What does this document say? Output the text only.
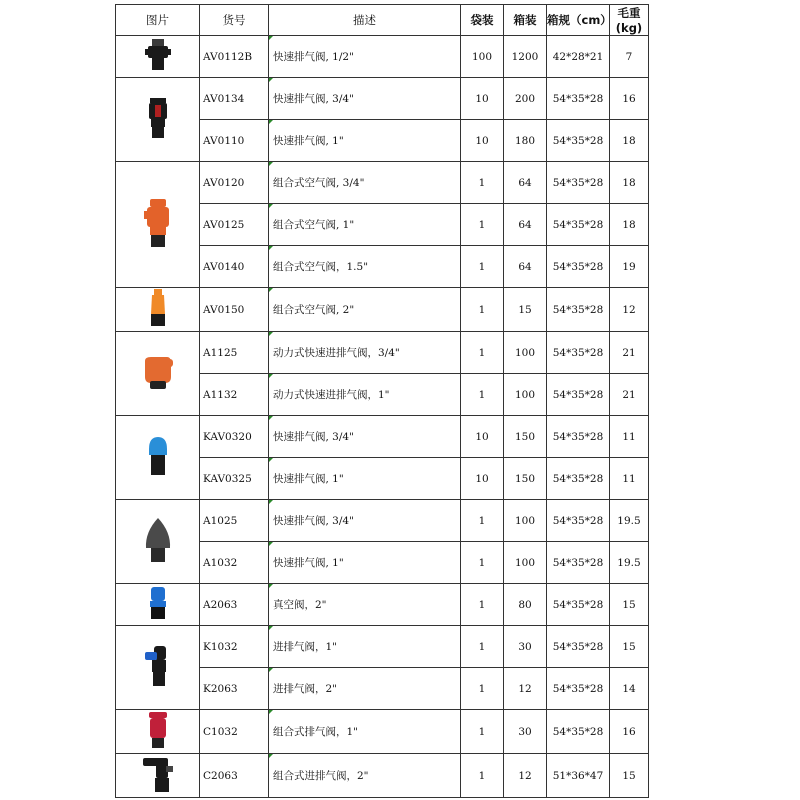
图片	货号	描述	袋装	箱装	箱规（cm）	毛重(kg)

	AV0112B	快速排气阀, 1/2"	100	1200	42*28*21	7

	AV0134	快速排气阀, 3/4"	10	200	54*35*28	16
	AV0110	快速排气阀, 1"	10	180	54*35*28	18

	AV0120	组合式空气阀, 3/4"	1	64	54*35*28	18
	AV0125	组合式空气阀, 1"	1	64	54*35*28	18
	AV0140	组合式空气阀，1.5"	1	64	54*35*28	19

	AV0150	组合式空气阀, 2"	1	15	54*35*28	12

	A1125	动力式快速进排气阀，3/4"	1	100	54*35*28	21
	A1132	动力式快速进排气阀，1"	1	100	54*35*28	21

	KAV0320	快速排气阀, 3/4"	10	150	54*35*28	11
	KAV0325	快速排气阀, 1"	10	150	54*35*28	11

	A1025	快速排气阀, 3/4"	1	100	54*35*28	19.5
	A1032	快速排气阀, 1"	1	100	54*35*28	19.5

	A2063	真空阀，2"	1	80	54*35*28	15

	K1032	进排气阀，1"	1	30	54*35*28	15
	K2063	进排气阀，2"	1	12	54*35*28	14

	C1032	组合式排气阀，1"	1	30	54*35*28	16

	C2063	组合式进排气阀，2"	1	12	51*36*47	15
